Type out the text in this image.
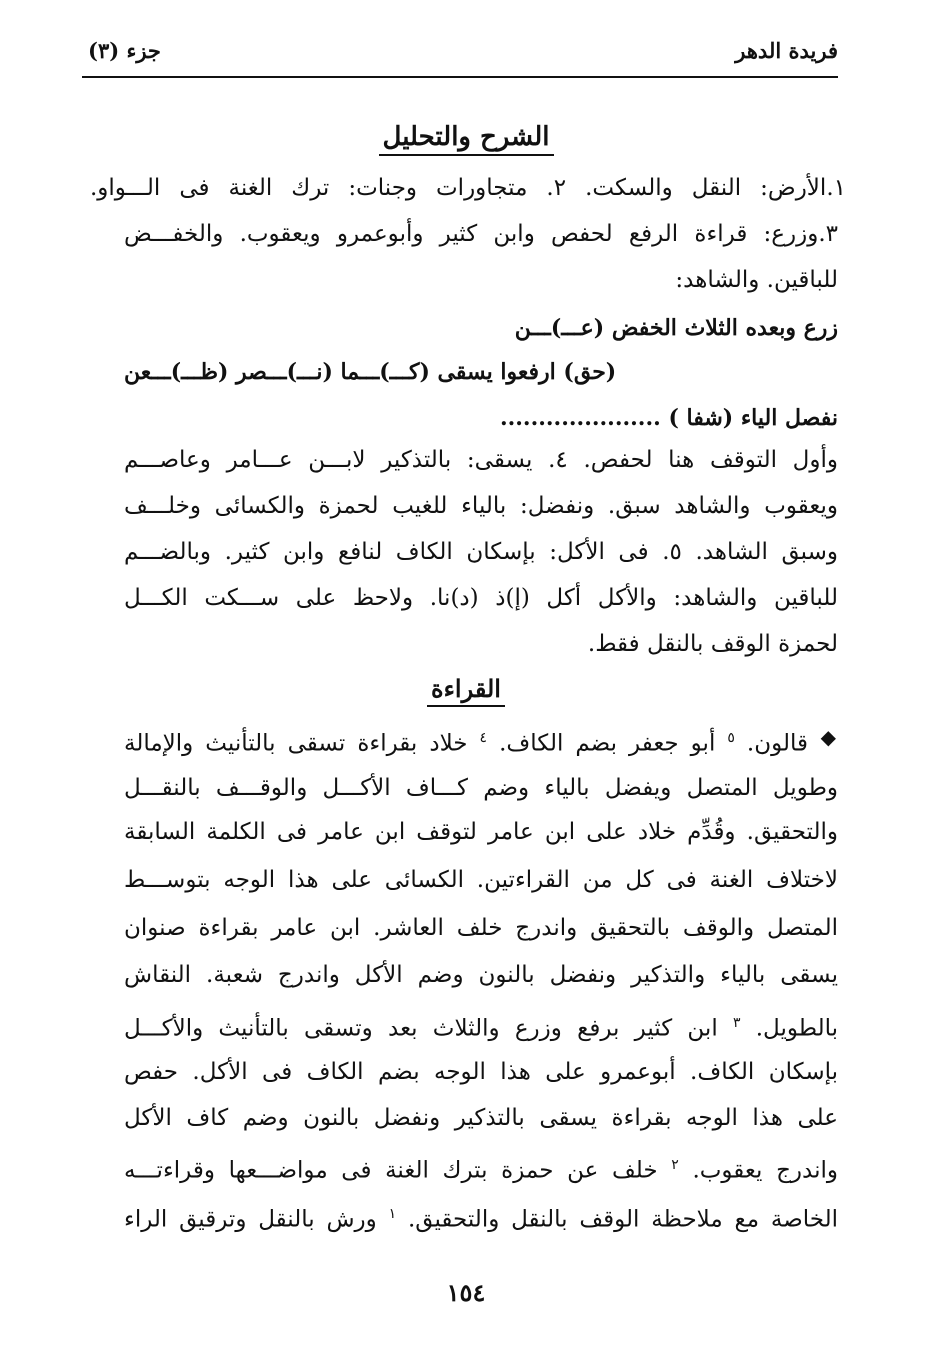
فريدة الدهر
جزء (٣)
الشرح والتحليل
١.الأرض: النقل والسكت. ٢. متجاورات وجنات: ترك الغنة فى الـــواو.
٣.وزرع: قراءة الرفع لحفص وابن كثير وأبوعمرو ويعقوب. والخفـــض
للباقين. والشاهد:
زرع وبعده الثلاث الخفض (عـــ)ـــن
(حق) ارفعوا يسقى (كـــ)ـــما (نـــ)ـــصر (ظـــ)ـــعن
نفصل الياء (شفا ) .....................
وأول التوقف هنا لحفص. ٤. يسقى: بالتذكير لابـــن عـــامر وعاصـــم
ويعقوب والشاهد سبق. ونفضل: بالياء للغيب لحمزة والكسائى وخلـــف
وسبق الشاهد. ٥. فى الأكل: بإسكان الكاف لنافع وابن كثير. وبالضـــم
للباقين والشاهد: والأكل أكل (إ)ذ (د)نا. ولاحظ على ســـكت الكـــل
لحمزة الوقف بالنقل فقط.
القراءة
◆
قالون. $^٥$ أبو جعفر بضم الكاف. $^٤$ خلاد بقراءة تسقى بالتأنيث والإمالة
وطويل المتصل ويفضل بالياء وضم كـــاف الأكـــل والوقـــف بالنقـــل
والتحقيق. وقُدِّم خلاد على ابن عامر لتوقف ابن عامر فى الكلمة السابقة
لاختلاف الغنة فى كل من القراءتين. الكسائى على هذا الوجه بتوســـط
المتصل والوقف بالتحقيق واندرج خلف العاشر. ابن عامر بقراءة صنوان
يسقى بالياء والتذكير ونفضل بالنون وضم الأكل واندرج شعبة. النقاش
بالطويل. $^٣$ ابن كثير برفع وزرع والثلاث بعد وتسقى بالتأنيث والأكـــل
بإسكان الكاف. أبوعمرو على هذا الوجه بضم الكاف فى الأكل. حفص
على هذا الوجه بقراءة يسقى بالتذكير ونفضل بالنون وضم كاف الأكل
واندرج يعقوب. $^٢$ خلف عن حمزة بترك الغنة فى مواضـــعها وقراءتـــه
الخاصة مع ملاحظة الوقف بالنقل والتحقيق. $^١$ ورش بالنقل وترقيق الراء
١٥٤
